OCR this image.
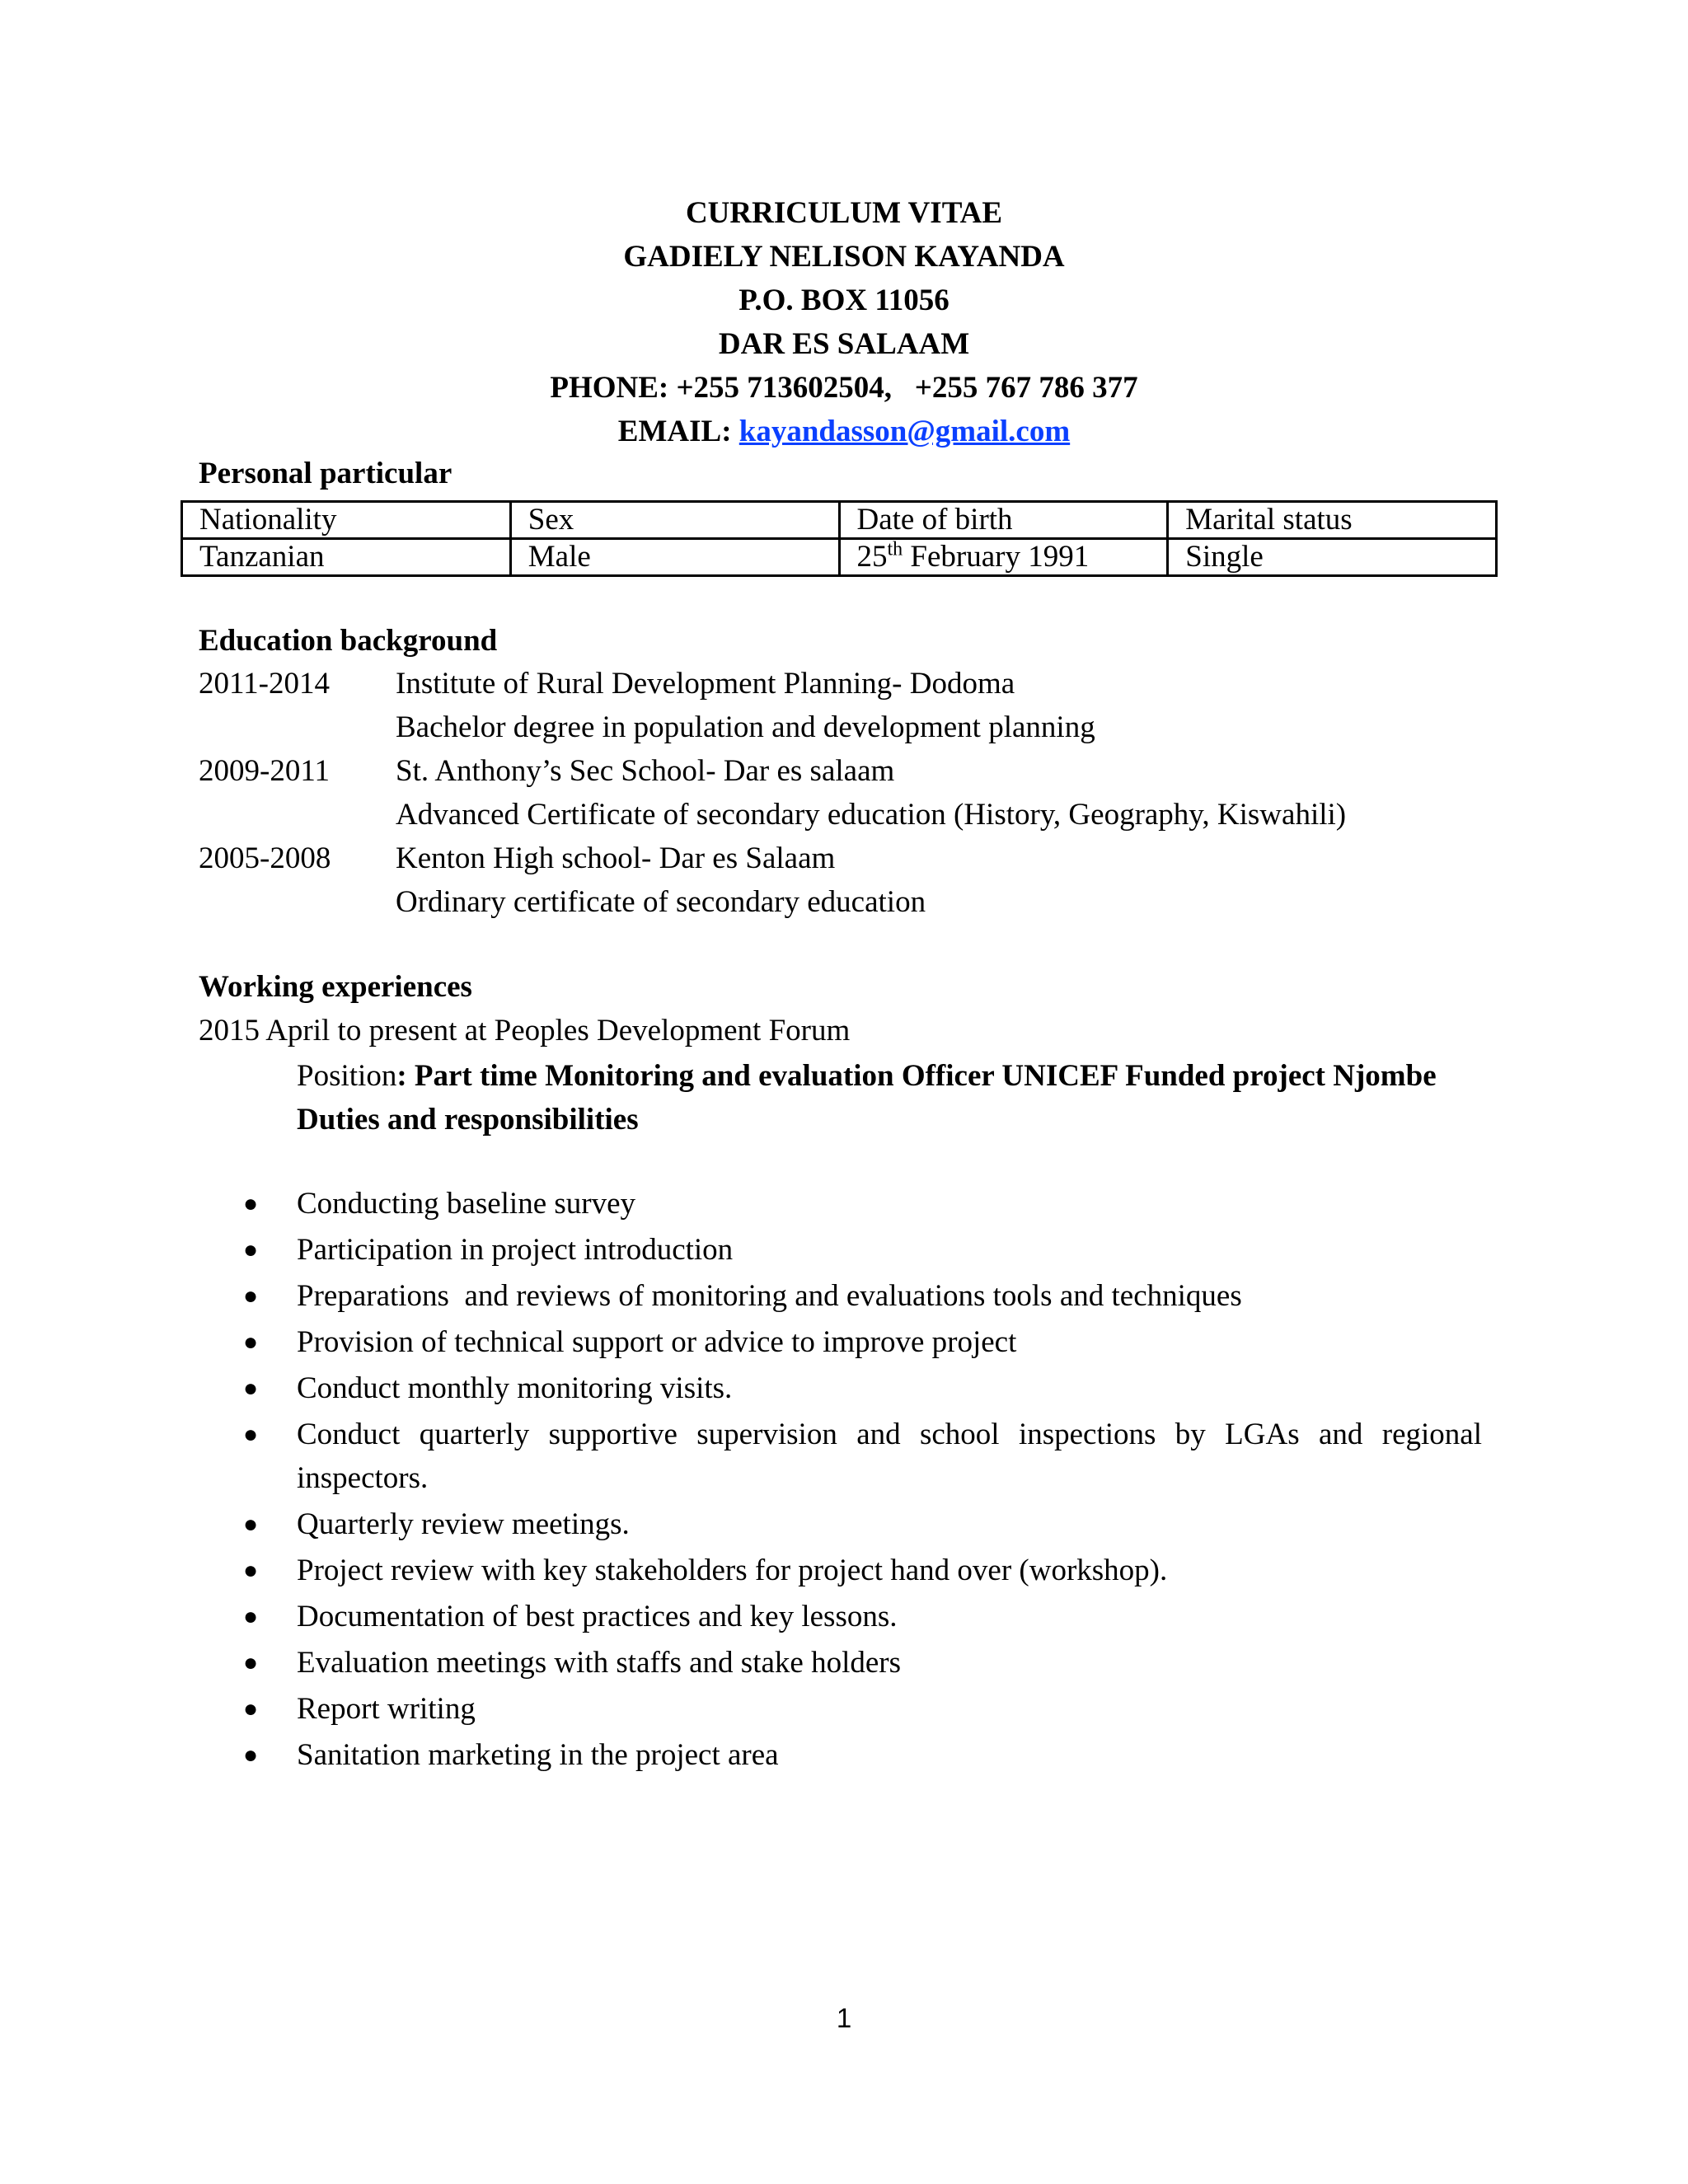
CURRICULUM VITAE
GADIELY NELISON KAYANDA
P.O. BOX 11056
DAR ES SALAAM
PHONE: +255 713602504,   +255 767 786 377
EMAIL: kayandasson@gmail.com
Personal particular
Nationality	Sex	Date of birth	Marital status
Tanzanian	Male	25th February 1991	Single
Education background
2011-2014 Institute of Rural Development Planning- Dodoma
Bachelor degree in population and development planning
2009-2011 St. Anthony’s Sec School- Dar es salaam
Advanced Certificate of secondary education (History, Geography, Kiswahili)
2005-2008 Kenton High school- Dar es Salaam
Ordinary certificate of secondary education
Working experiences
2015 April to present at Peoples Development Forum
Position: Part time Monitoring and evaluation Officer UNICEF Funded project Njombe
Duties and responsibilities
● Conducting baseline survey
● Participation in project introduction
● Preparations  and reviews of monitoring and evaluations tools and techniques
● Provision of technical support or advice to improve project
● Conduct monthly monitoring visits.
● Conduct quarterly supportive supervision and school inspections by LGAs and regional inspectors.
● Quarterly review meetings.
● Project review with key stakeholders for project hand over (workshop).
● Documentation of best practices and key lessons.
● Evaluation meetings with staffs and stake holders
● Report writing
● Sanitation marketing in the project area
1
